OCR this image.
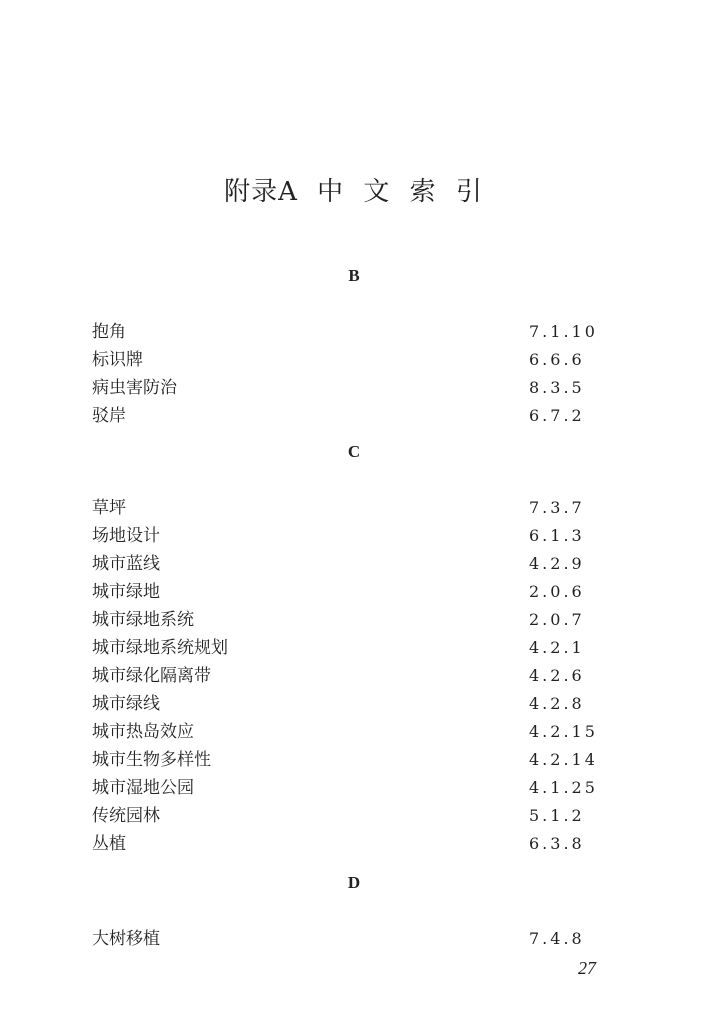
附录A 中 文 索 引
B
抱角	7.1.10
标识牌	6.6.6
病虫害防治	8.3.5
驳岸	6.7.2
C
草坪	7.3.7
场地设计	6.1.3
城市蓝线	4.2.9
城市绿地	2.0.6
城市绿地系统	2.0.7
城市绿地系统规划	4.2.1
城市绿化隔离带	4.2.6
城市绿线	4.2.8
城市热岛效应	4.2.15
城市生物多样性	4.2.14
城市湿地公园	4.1.25
传统园林	5.1.2
丛植	6.3.8
D
大树移植	7.4.8
27
